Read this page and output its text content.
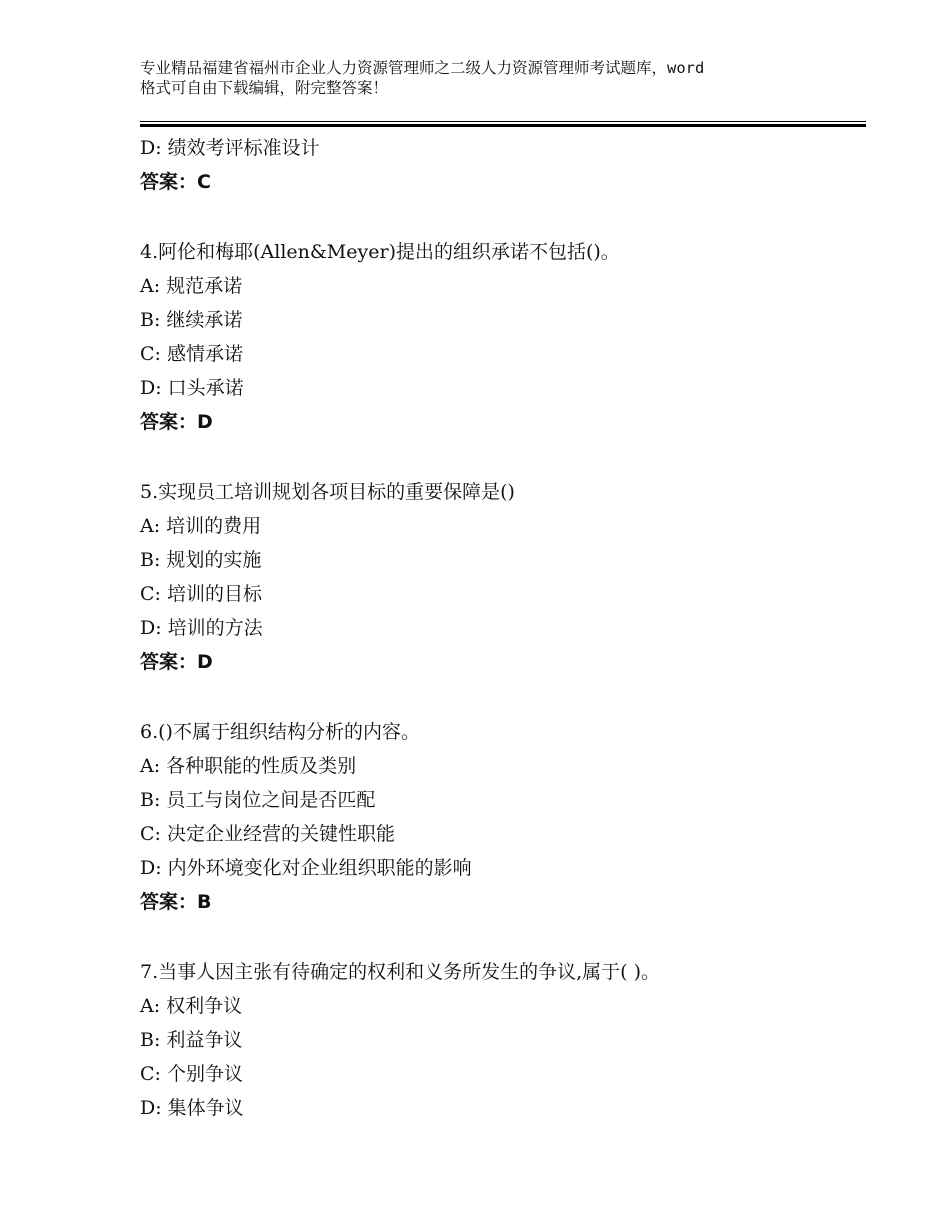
专业精品福建省福州市企业人力资源管理师之二级人力资源管理师考试题库，word
格式可自由下载编辑，附完整答案！
D: 绩效考评标准设计
答案：C
4.阿伦和梅耶(Allen&Meyer)提出的组织承诺不包括()。
A: 规范承诺
B: 继续承诺
C: 感情承诺
D: 口头承诺
答案：D
5.实现员工培训规划各项目标的重要保障是()
A: 培训的费用
B: 规划的实施
C: 培训的目标
D: 培训的方法
答案：D
6.()不属于组织结构分析的内容。
A: 各种职能的性质及类别
B: 员工与岗位之间是否匹配
C: 决定企业经营的关键性职能
D: 内外环境变化对企业组织职能的影响
答案：B
7.当事人因主张有待确定的权利和义务所发生的争议,属于( )。
A: 权利争议
B: 利益争议
C: 个别争议
D: 集体争议
